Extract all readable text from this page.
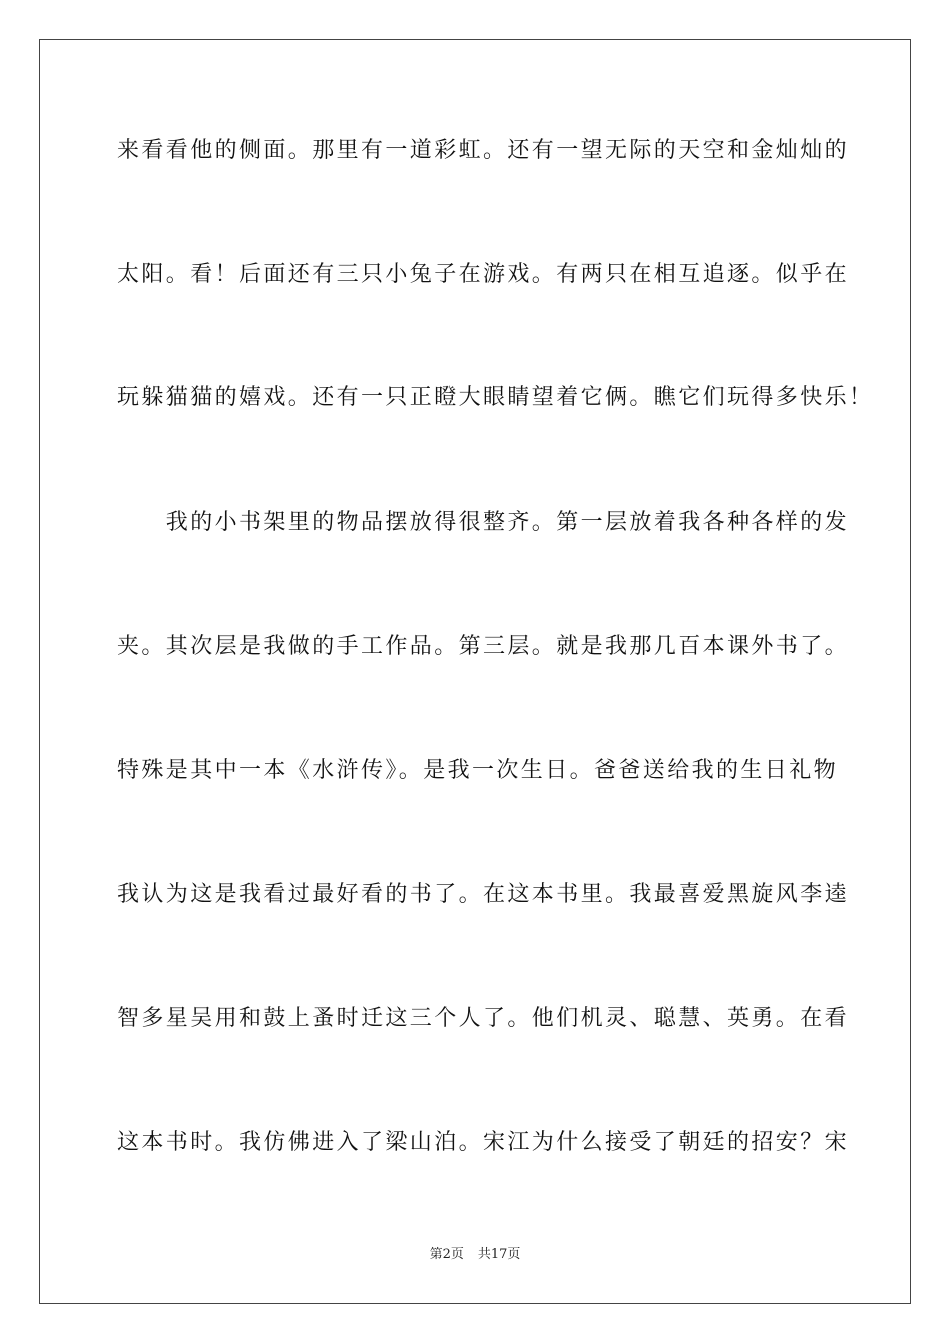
来看看他的侧面。那里有一道彩虹。还有一望无际的天空和金灿灿的
太阳。看！后面还有三只小兔子在游戏。有两只在相互追逐。似乎在
玩躲猫猫的嬉戏。还有一只正瞪大眼睛望着它俩。瞧它们玩得多快乐！
　　我的小书架里的物品摆放得很整齐。第一层放着我各种各样的发
夹。其次层是我做的手工作品。第三层。就是我那几百本课外书了。
特殊是其中一本《水浒传》。是我一次生日。爸爸送给我的生日礼物
我认为这是我看过最好看的书了。在这本书里。我最喜爱黑旋风李逵
智多星吴用和鼓上蚤时迁这三个人了。他们机灵、聪慧、英勇。在看
这本书时。我仿佛进入了梁山泊。宋江为什么接受了朝廷的招安？宋
第2页 共17页
